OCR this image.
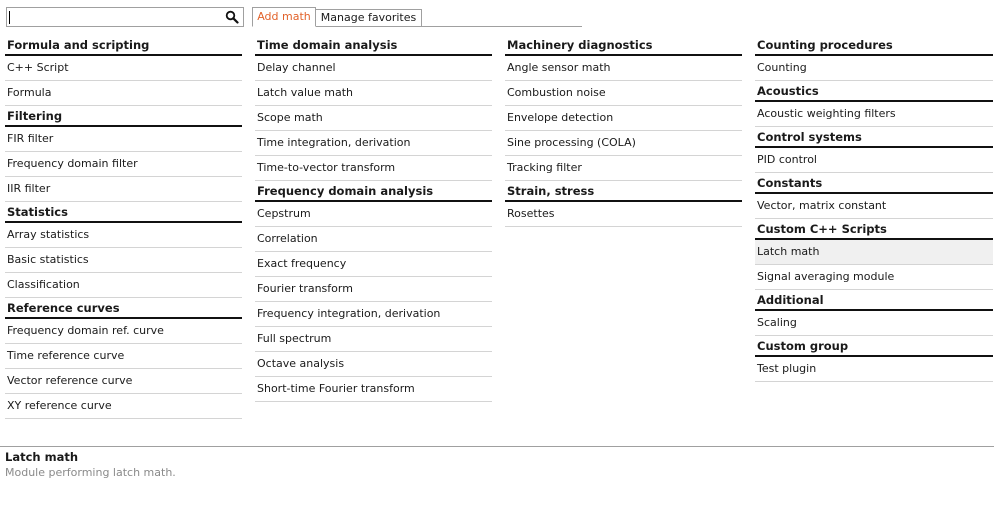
Add math Manage favorites
Formula and scripting
C++ Script
Formula
Filtering
FIR filter
Frequency domain filter
IIR filter
Statistics
Array statistics
Basic statistics
Classification
Reference curves
Frequency domain ref. curve
Time reference curve
Vector reference curve
XY reference curve
Time domain analysis
Delay channel
Latch value math
Scope math
Time integration, derivation
Time-to-vector transform
Frequency domain analysis
Cepstrum
Correlation
Exact frequency
Fourier transform
Frequency integration, derivation
Full spectrum
Octave analysis
Short-time Fourier transform
Machinery diagnostics
Angle sensor math
Combustion noise
Envelope detection
Sine processing (COLA)
Tracking filter
Strain, stress
Rosettes
Counting procedures
Counting
Acoustics
Acoustic weighting filters
Control systems
PID control
Constants
Vector, matrix constant
Custom C++ Scripts
Latch math
Signal averaging module
Additional
Scaling
Custom group
Test plugin
Latch math
Module performing latch math.
